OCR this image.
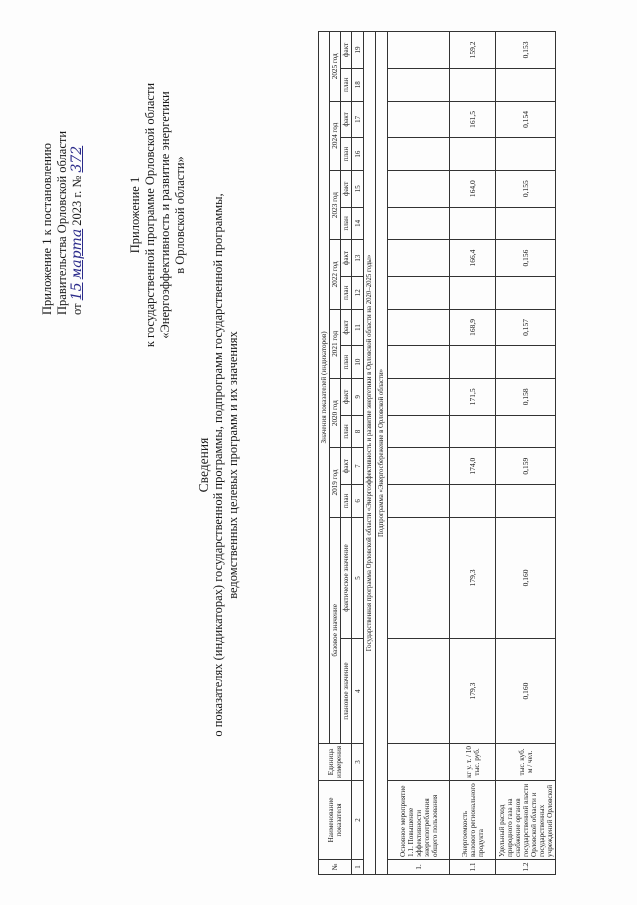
Приложение 1 к постановлению Правительства Орловской области от 15 марта 2023 г. № 372
Приложение 1 к государственной программе Орловской области «Энергоэффективность и развитие энергетики в Орловской области»
Сведения о показателях (индикаторах) государственной программы, подпрограмм государственной программы, ведомственных целевых программ и их значениях
№	Наименование показателя	Единица измерения	Значения показателей (индикаторов)															
			базовое значение		2019 год		2020 год		2021 год		2022 год		2023 год		2024 год		2025 год	
			плановое значение	фактическое значение	план	факт	план	факт	план	факт	план	факт	план	факт	план	факт	план	факт
1	2	3	4	5	6	7	8	9	10	11	12	13	14	15	16	17	18	19
Государственная программа Орловской области «Энергоэффективность и развитие энергетики в Орловской области на 2020–2025 годы»																		
Подпрограмма «Энергосбережение в Орловской области»																		
1.	Основное мероприятие 1.1. Повышение эффективности энергопотребления общего пользования																	
1.1	Энергоемкость валового регионального продукта	кг у. т. / 10 тыс. руб.	179,3	179,3		174,0		171,5		168,9		166,4		164,0		161,5		159,2
1.2	Удельный расход природного газа на снабжение органов государственной власти Орловской области и государственных учреждений Орловской	тыс. куб. м / чел.	0,160	0,160		0,159		0,158		0,157		0,156		0,155		0,154		0,153
